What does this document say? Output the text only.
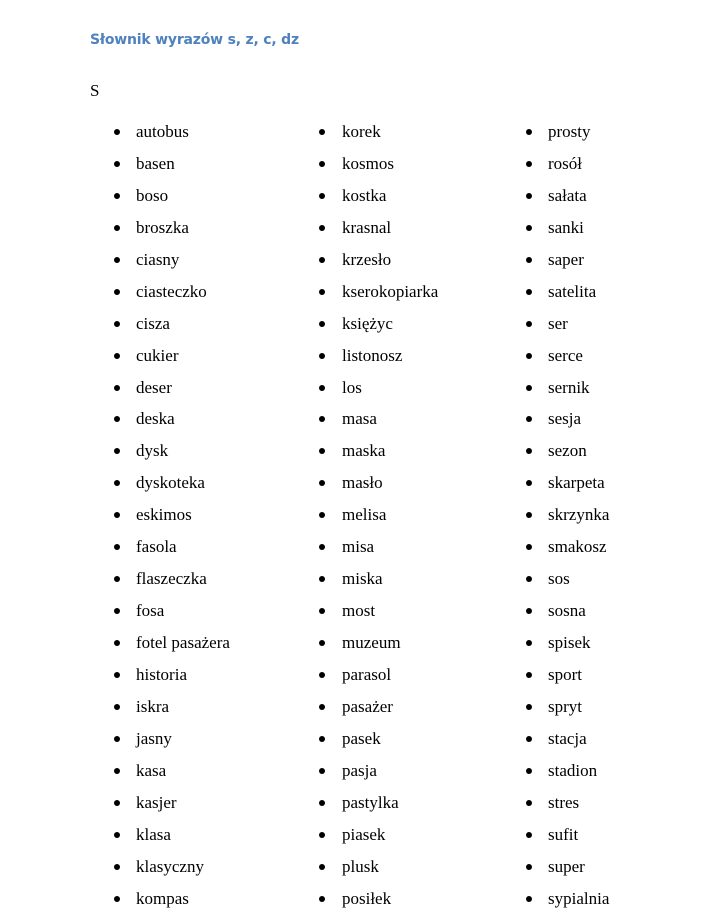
Słownik wyrazów s, z, c, dz
S
autobus
basen
boso
broszka
ciasny
ciasteczko
cisza
cukier
deser
deska
dysk
dyskoteka
eskimos
fasola
flaszeczka
fosa
fotel pasażera
historia
iskra
jasny
kasa
kasjer
klasa
klasyczny
kompas
korek
kosmos
kostka
krasnal
krzesło
kserokopiarka
księżyc
listonosz
los
masa
maska
masło
melisa
misa
miska
most
muzeum
parasol
pasażer
pasek
pasja
pastylka
piasek
plusk
posiłek
prosty
rosół
sałata
sanki
saper
satelita
ser
serce
sernik
sesja
sezon
skarpeta
skrzynka
smakosz
sos
sosna
spisek
sport
spryt
stacja
stadion
stres
sufit
super
sypialnia
